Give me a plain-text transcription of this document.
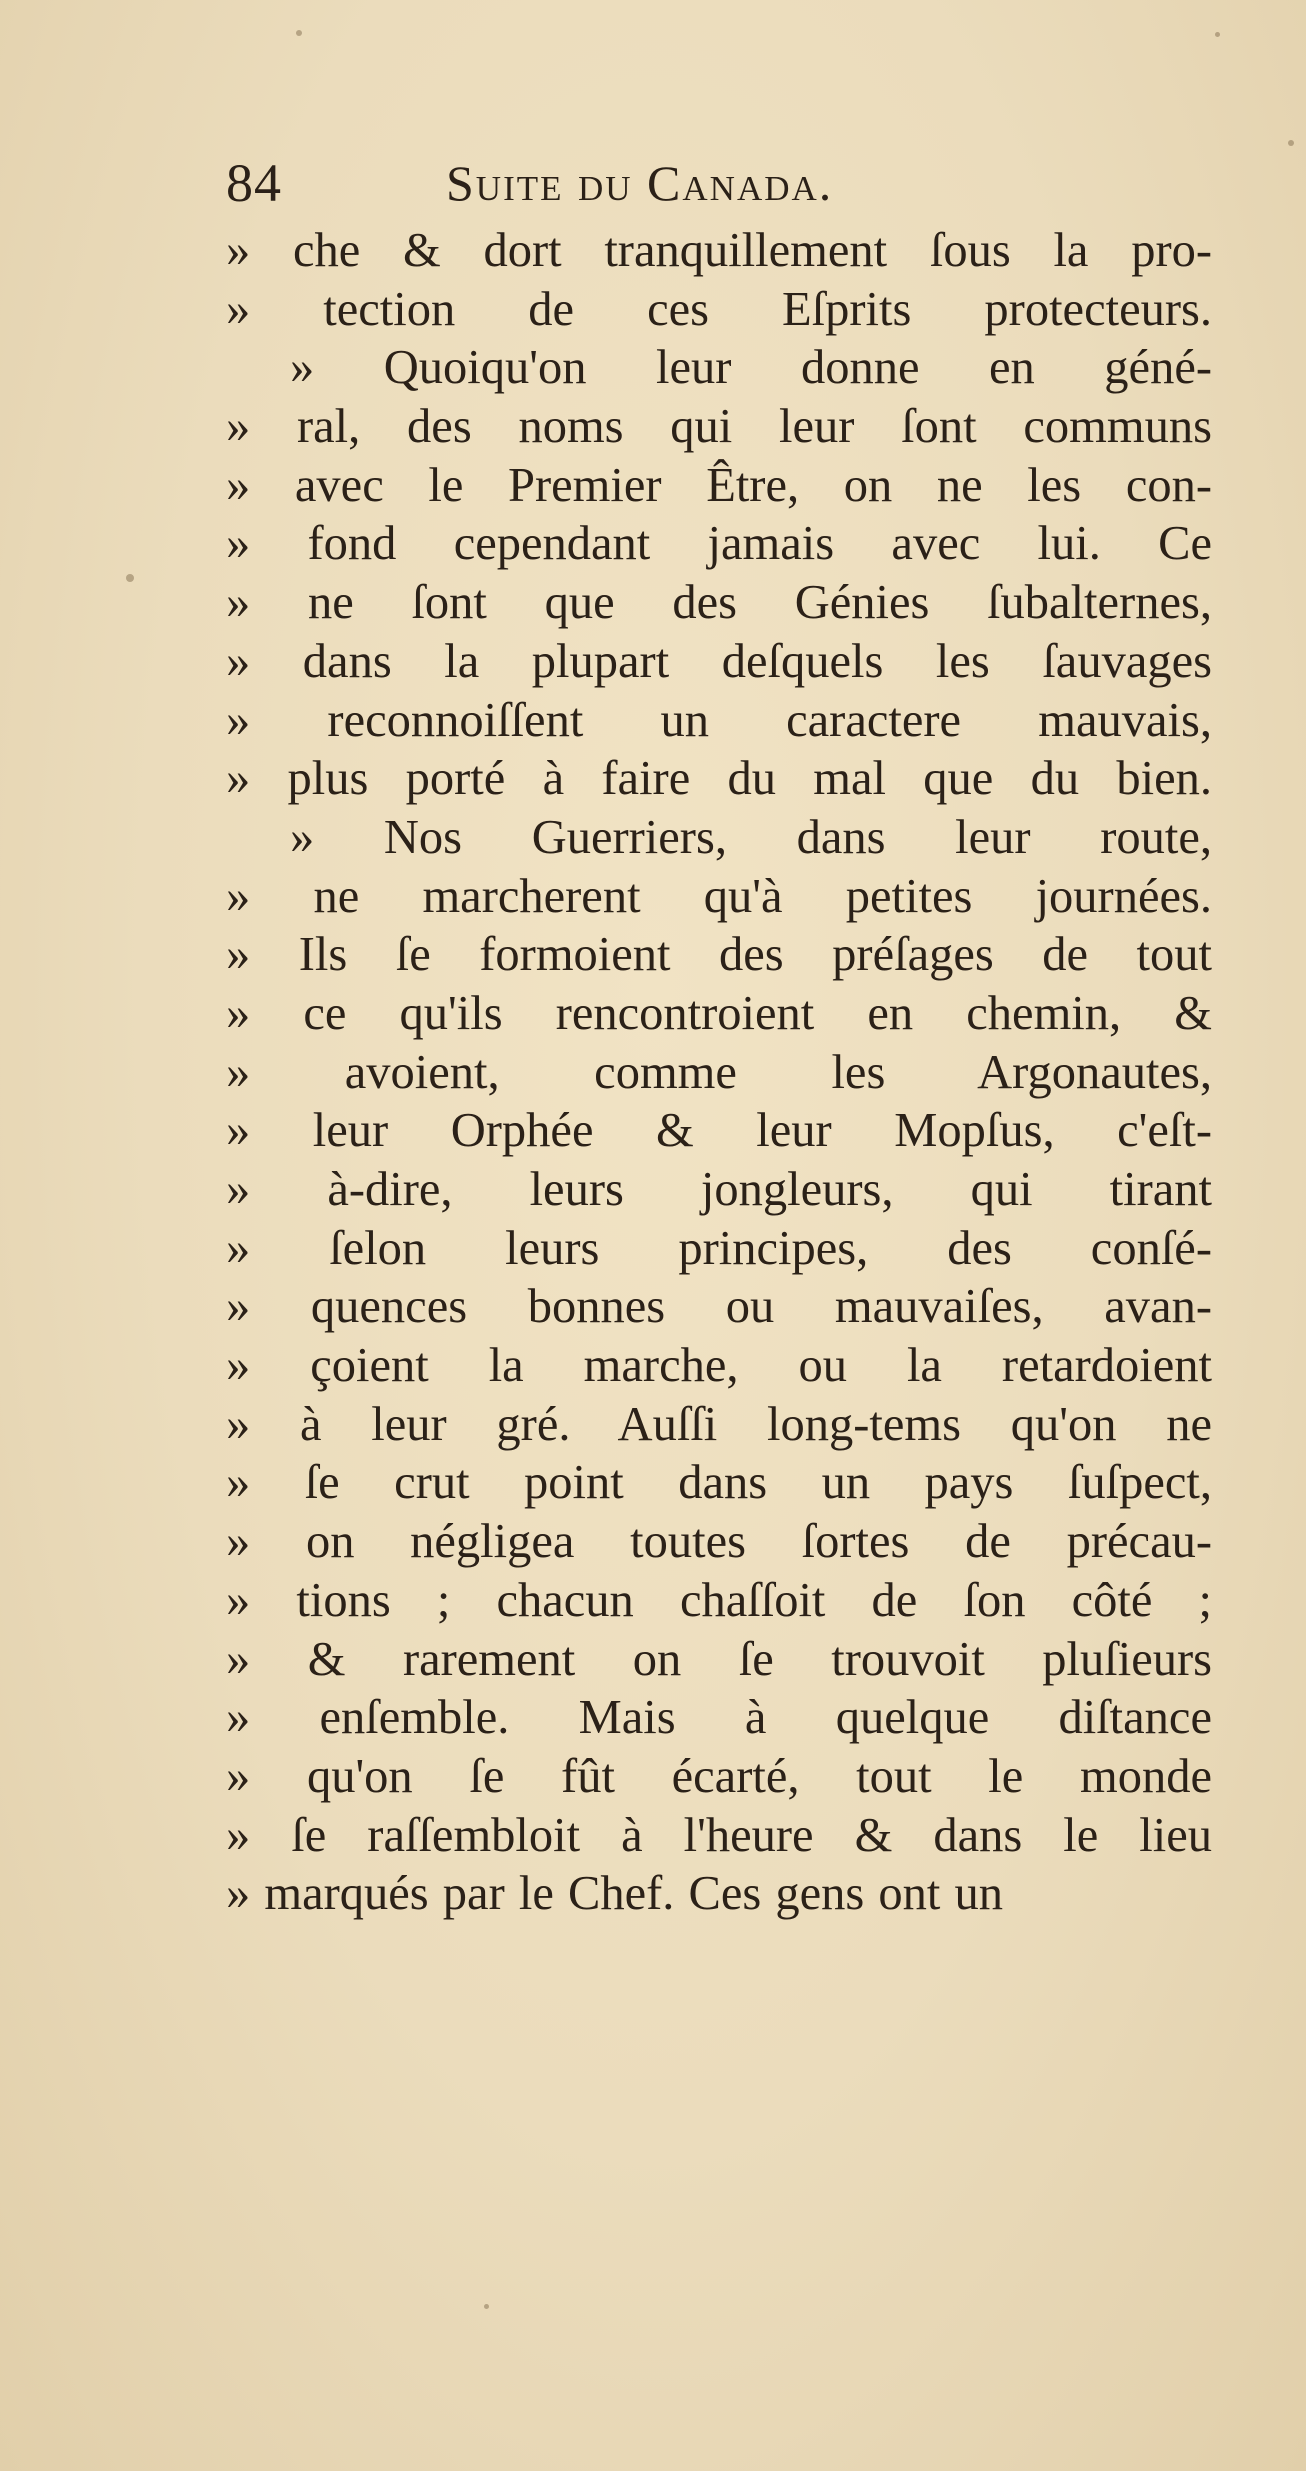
84	Suite du Canada.
» che & dort tranquillement ſous la pro-
» tection de ces Eſprits protecteurs.
» Quoiqu'on leur donne en géné-
» ral, des noms qui leur ſont communs
» avec le Premier Être, on ne les con-
» fond cependant jamais avec lui. Ce
» ne ſont que des Génies ſubalternes,
» dans la plupart deſquels les ſauvages
» reconnoiſſent un caractere mauvais,
» plus porté à faire du mal que du bien.
» Nos Guerriers, dans leur route,
» ne marcherent qu'à petites journées.
» Ils ſe formoient des préſages de tout
» ce qu'ils rencontroient en chemin, &
» avoient, comme les Argonautes,
» leur Orphée & leur Mopſus, c'eſt-
» à-dire, leurs jongleurs, qui tirant
» ſelon leurs principes, des conſé-
» quences bonnes ou mauvaiſes, avan-
» çoient la marche, ou la retardoient
» à leur gré. Auſſi long-tems qu'on ne
» ſe crut point dans un pays ſuſpect,
» on négligea toutes ſortes de précau-
» tions ; chacun chaſſoit de ſon côté ;
» & rarement on ſe trouvoit pluſieurs
» enſemble. Mais à quelque diſtance
» qu'on ſe fût écarté, tout le monde
» ſe raſſembloit à l'heure & dans le lieu
» marqués par le Chef. Ces gens ont un
